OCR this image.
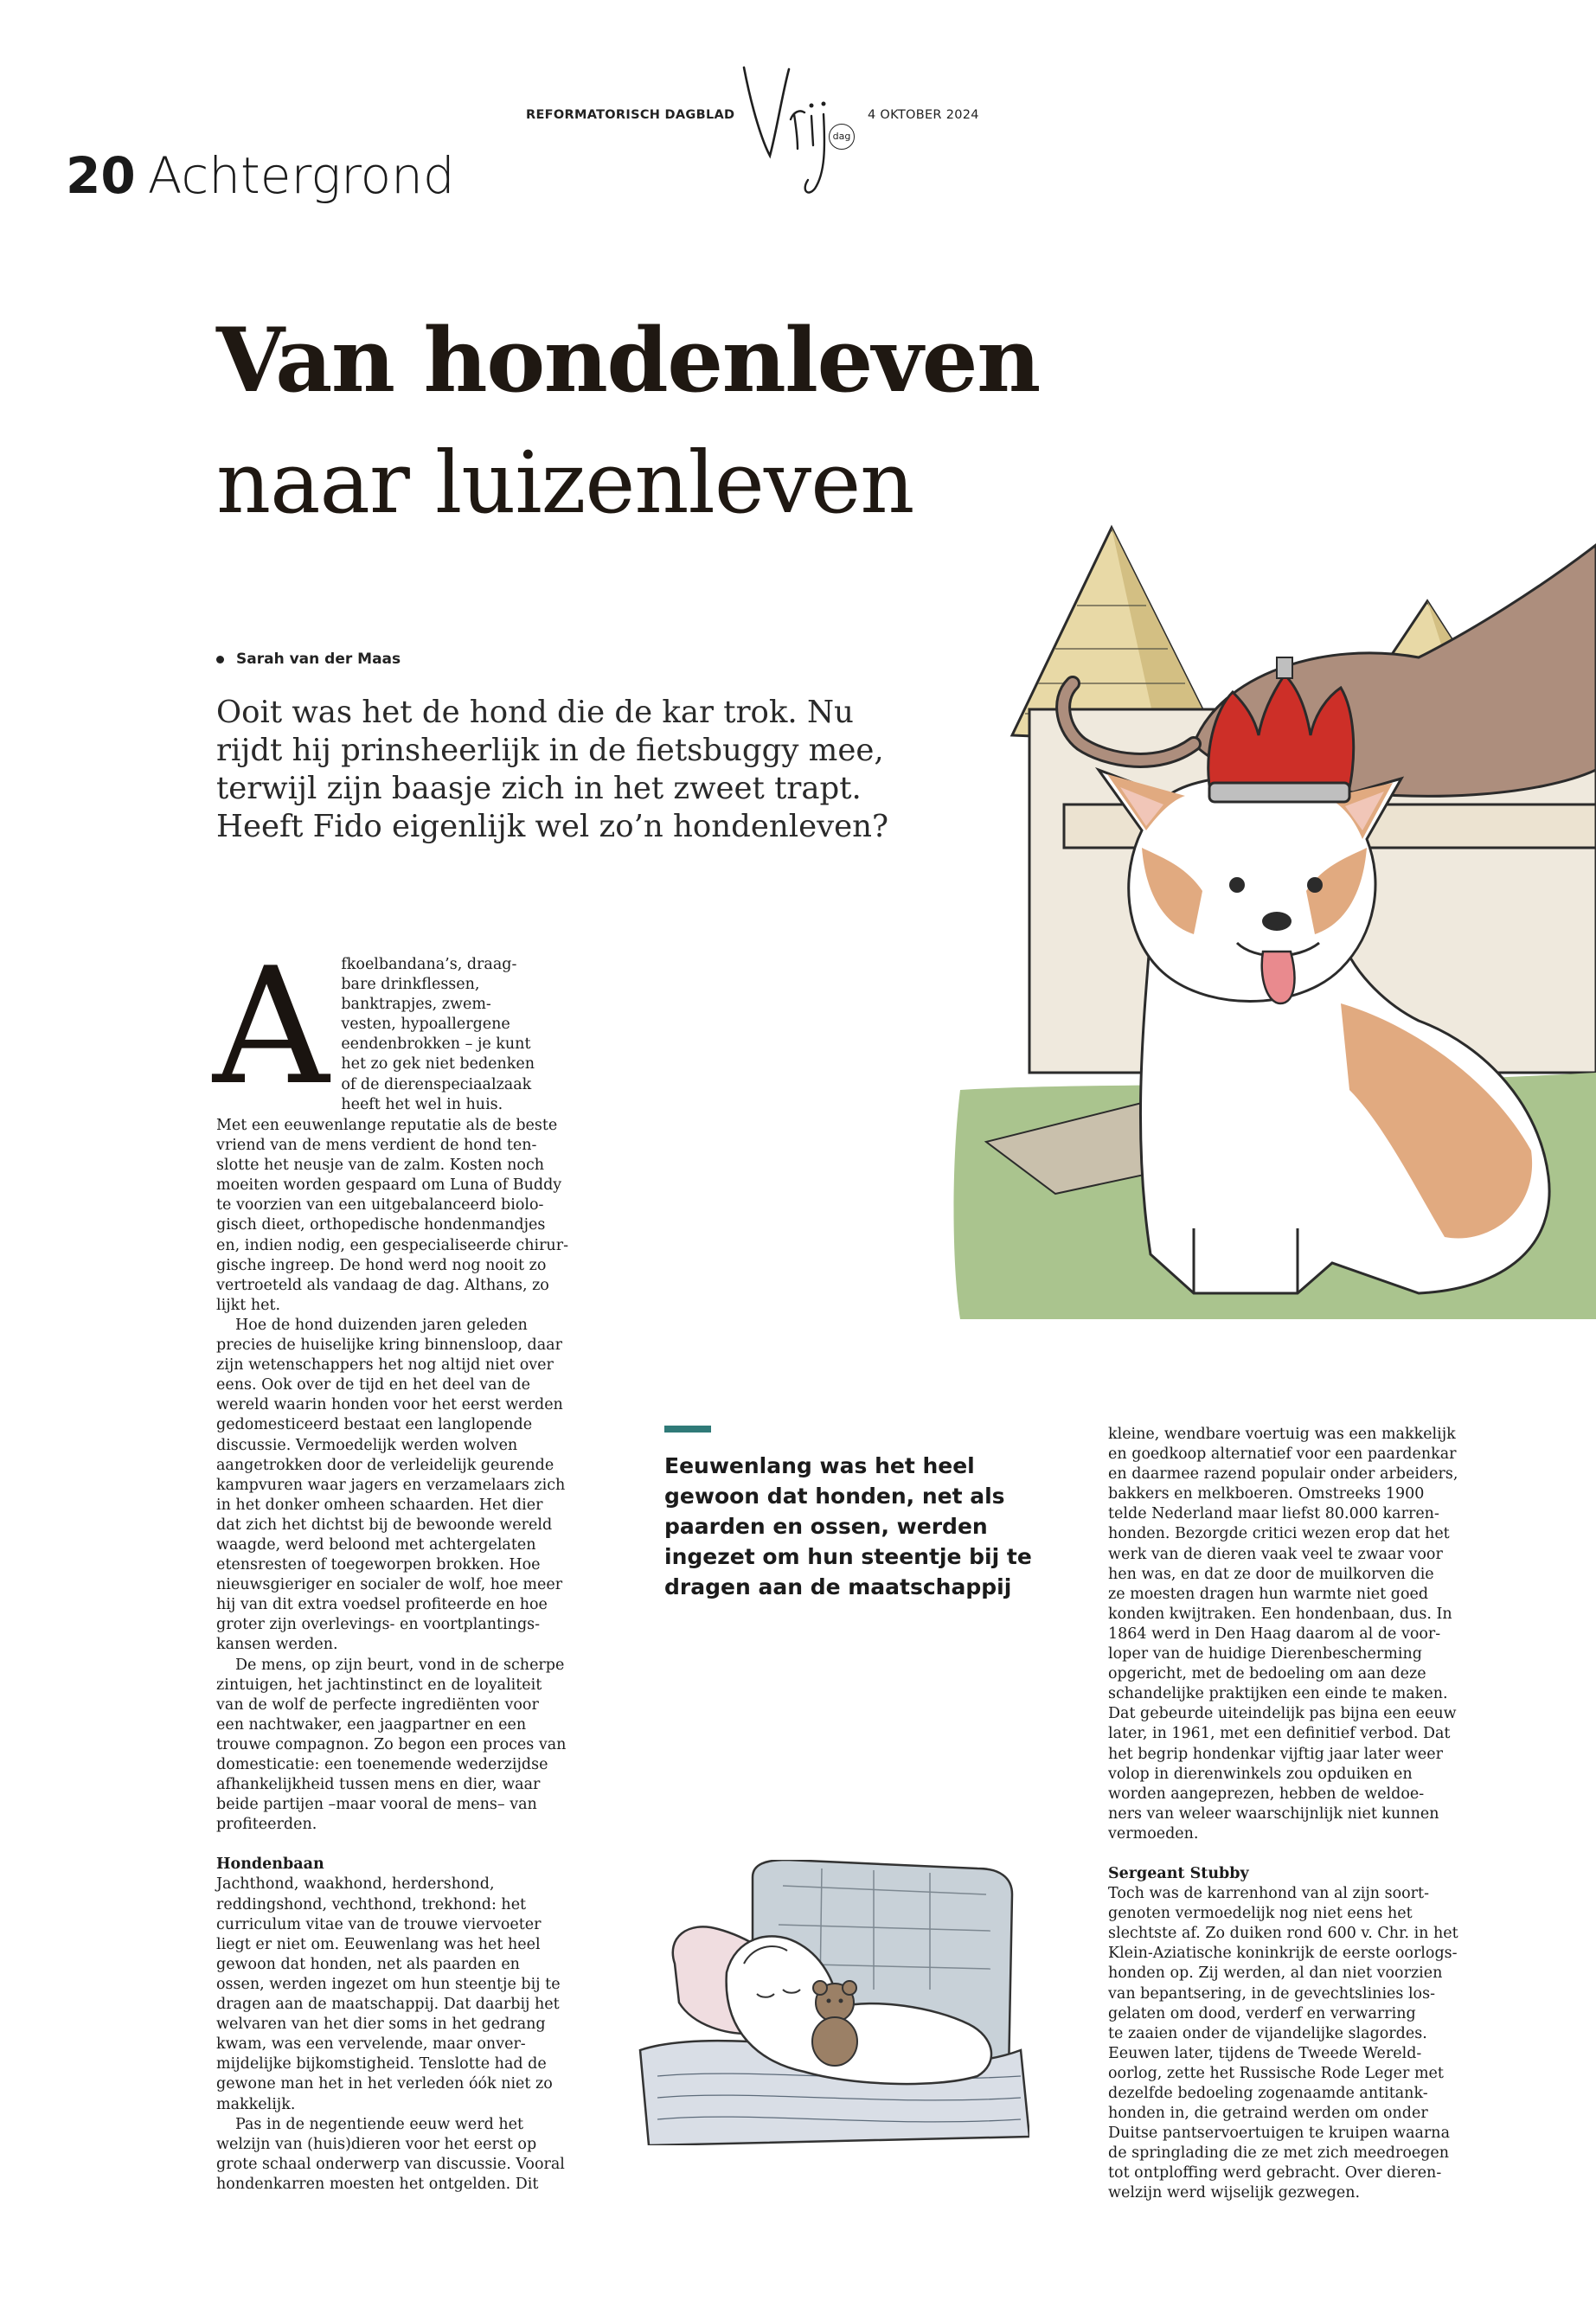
REFORMATORISCH DAGBLAD
Vrij
dag
4 OKTOBER 2024
20 Achtergrond
Van hondenleven
naar luizenleven
Sarah van der Maas
Ooit was het de hond die de kar trok. Nu
rijdt hij prinsheerlijk in de fietsbuggy mee,
terwijl zijn baasje zich in het zweet trapt.
Heeft Fido eigenlijk wel zo’n hondenleven?
A fkoelbandana’s, draag-
bare drinkflessen,
banktrapjes, zwem-
vesten, hypoallergene
eendenbrokken – je kunt
het zo gek niet bedenken
of de dierenspeciaalzaak
heeft het wel in huis.
Met een eeuwenlange reputatie als de beste
vriend van de mens verdient de hond ten-
slotte het neusje van de zalm. Kosten noch
moeiten worden gespaard om Luna of Buddy
te voorzien van een uitgebalanceerd biolo-
gisch dieet, orthopedische hondenmandjes
en, indien nodig, een gespecialiseerde chirur-
gische ingreep. De hond werd nog nooit zo
vertroeteld als vandaag de dag. Althans, zo
lijkt het.
Hoe de hond duizenden jaren geleden
precies de huiselijke kring binnensloop, daar
zijn wetenschappers het nog altijd niet over
eens. Ook over de tijd en het deel van de
wereld waarin honden voor het eerst werden
gedomesticeerd bestaat een langlopende
discussie. Vermoedelijk werden wolven
aangetrokken door de verleidelijk geurende
kampvuren waar jagers en verzamelaars zich
in het donker omheen schaarden. Het dier
dat zich het dichtst bij de bewoonde wereld
waagde, werd beloond met achtergelaten
etensresten of toegeworpen brokken. Hoe
nieuwsgieriger en socialer de wolf, hoe meer
hij van dit extra voedsel profiteerde en hoe
groter zijn overlevings- en voortplantings-
kansen werden.
De mens, op zijn beurt, vond in de scherpe
zintuigen, het jachtinstinct en de loyaliteit
van de wolf de perfecte ingrediënten voor
een nachtwaker, een jaagpartner en een
trouwe compagnon. Zo begon een proces van
domesticatie: een toenemende wederzijdse
afhankelijkheid tussen mens en dier, waar
beide partijen –maar vooral de mens– van
profiteerden.
Hondenbaan
Jachthond, waakhond, herdershond,
reddingshond, vechthond, trekhond: het
curriculum vitae van de trouwe viervoeter
liegt er niet om. Eeuwenlang was het heel
gewoon dat honden, net als paarden en
ossen, werden ingezet om hun steentje bij te
dragen aan de maatschappij. Dat daarbij het
welvaren van het dier soms in het gedrang
kwam, was een vervelende, maar onver-
mijdelijke bijkomstigheid. Tenslotte had de
gewone man het in het verleden óók niet zo
makkelijk.
Pas in de negentiende eeuw werd het
welzijn van (huis)dieren voor het eerst op
grote schaal onderwerp van discussie. Vooral
hondenkarren moesten het ontgelden. Dit
Eeuwenlang was het heel
gewoon dat honden, net als
paarden en ossen, werden
ingezet om hun steentje bij te
dragen aan de maatschappij
kleine, wendbare voertuig was een makkelijk
en goedkoop alternatief voor een paardenkar
en daarmee razend populair onder arbeiders,
bakkers en melkboeren. Omstreeks 1900
telde Nederland maar liefst 80.000 karren-
honden. Bezorgde critici wezen erop dat het
werk van de dieren vaak veel te zwaar voor
hen was, en dat ze door de muilkorven die
ze moesten dragen hun warmte niet goed
konden kwijtraken. Een hondenbaan, dus. In
1864 werd in Den Haag daarom al de voor-
loper van de huidige Dierenbescherming
opgericht, met de bedoeling om aan deze
schandelijke praktijken een einde te maken.
Dat gebeurde uiteindelijk pas bijna een eeuw
later, in 1961, met een definitief verbod. Dat
het begrip hondenkar vijftig jaar later weer
volop in dierenwinkels zou opduiken en
worden aangeprezen, hebben de weldoe-
ners van weleer waarschijnlijk niet kunnen
vermoeden.
Sergeant Stubby
Toch was de karrenhond van al zijn soort-
genoten vermoedelijk nog niet eens het
slechtste af. Zo duiken rond 600 v. Chr. in het
Klein-Aziatische koninkrijk de eerste oorlogs-
honden op. Zij werden, al dan niet voorzien
van bepantsering, in de gevechtslinies los-
gelaten om dood, verderf en verwarring
te zaaien onder de vijandelijke slagordes.
Eeuwen later, tijdens de Tweede Wereld-
oorlog, zette het Russische Rode Leger met
dezelfde bedoeling zogenaamde antitank-
honden in, die getraind werden om onder
Duitse pantservoertuigen te kruipen waarna
de springlading die ze met zich meedroegen
tot ontploffing werd gebracht. Over dieren-
welzijn werd wijselijk gezwegen.
